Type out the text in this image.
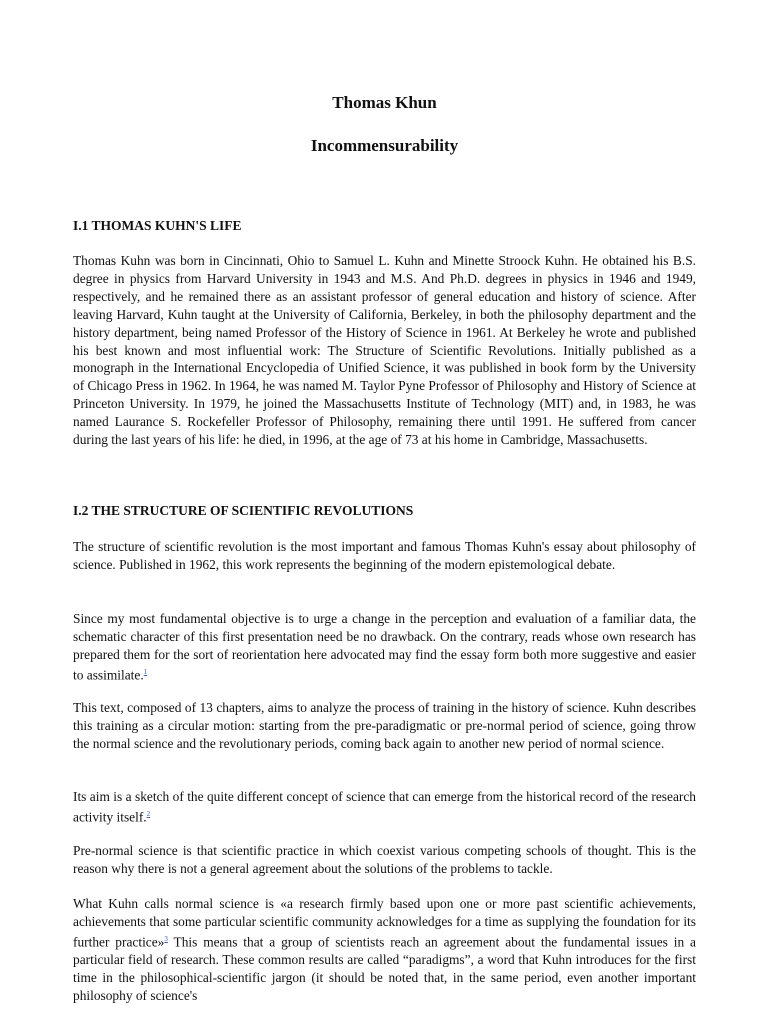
Thomas Khun
Incommensurability
I.1 THOMAS KUHN'S LIFE

Thomas Kuhn was born in Cincinnati, Ohio to Samuel L. Kuhn and Minette Stroock Kuhn. He obtained his B.S. degree in physics from Harvard University in 1943 and M.S. And Ph.D. degrees in physics in 1946 and 1949, respectively, and he remained there as an assistant professor of general education and history of science. After leaving Harvard, Kuhn taught at the University of California, Berkeley, in both the philosophy department and the history department, being named Professor of the History of Science in 1961. At Berkeley he wrote and published his best known and most influential work: The Structure of Scientific Revolutions. Initially published as a monograph in the International Encyclopedia of Unified Science, it was published in book form by the University of Chicago Press in 1962. In 1964, he was named M. Taylor Pyne Professor of Philosophy and History of Science at Princeton University. In 1979, he joined the Massachusetts Institute of Technology (MIT) and, in 1983, he was named Laurance S. Rockefeller Professor of Philosophy, remaining there until 1991. He suffered from cancer during the last years of his life: he died, in 1996, at the age of 73 at his home in Cambridge, Massachusetts.

I.2 THE STRUCTURE OF SCIENTIFIC REVOLUTIONS

The structure of scientific revolution is the most important and famous Thomas Kuhn's essay about philosophy of science. Published in 1962, this work represents the beginning of the modern epistemological debate.

Since my most fundamental objective is to urge a change in the perception and evaluation of a familiar data, the schematic character of this first presentation need be no drawback. On the contrary, reads whose own research has prepared them for the sort of reorientation here advocated may find the essay form both more suggestive and easier to assimilate.$^1$

This text, composed of 13 chapters, aims to analyze the process of training in the history of science. Kuhn describes this training as a circular motion: starting from the pre-paradigmatic or pre-normal period of science, going throw the normal science and the revolutionary periods, coming back again to another new period of normal science.

Its aim is a sketch of the quite different concept of science that can emerge from the historical record of the research activity itself.$^2$

Pre-normal science is that scientific practice in which coexist various competing schools of thought. This is the reason why there is not a general agreement about the solutions of the problems to tackle.

What Kuhn calls normal science is «a research firmly based upon one or more past scientific achievements, achievements that some particular scientific community acknowledges for a time as supplying the foundation for its further practice»$^3$ This means that a group of scientists reach an agreement about the fundamental issues in a particular field of research. These common results are called “paradigms”, a word that Kuhn introduces for the first time in the philosophical-scientific jargon (it should be noted that, in the same period, even another important philosophy of science's
